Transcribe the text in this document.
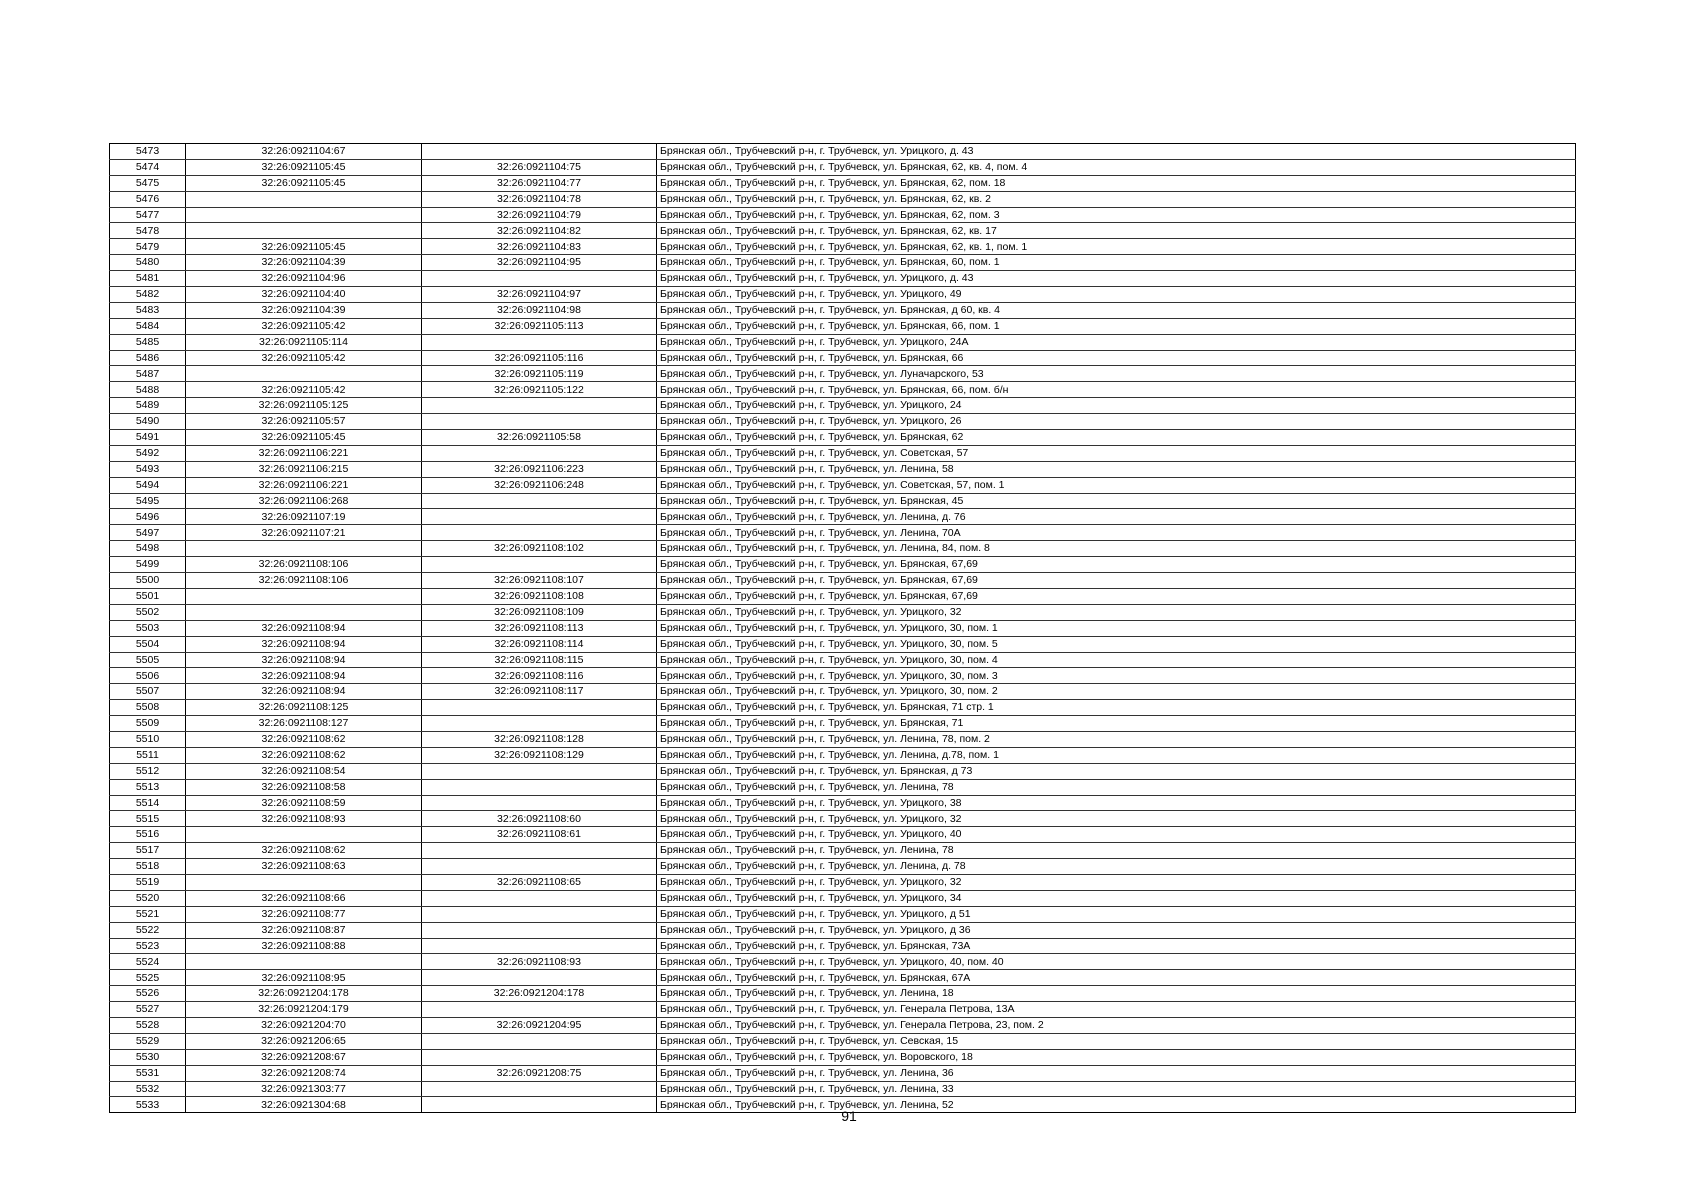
5473	32:26:0921104:67		Брянская обл., Трубчевский р-н, г. Трубчевск, ул. Урицкого, д. 43
5474	32:26:0921105:45	32:26:0921104:75	Брянская обл., Трубчевский р-н, г. Трубчевск, ул. Брянская, 62, кв. 4, пом. 4
5475	32:26:0921105:45	32:26:0921104:77	Брянская обл., Трубчевский р-н, г. Трубчевск, ул. Брянская, 62, пом. 18
5476		32:26:0921104:78	Брянская обл., Трубчевский р-н, г. Трубчевск, ул. Брянская, 62, кв. 2
5477		32:26:0921104:79	Брянская обл., Трубчевский р-н, г. Трубчевск, ул. Брянская, 62, пом. 3
5478		32:26:0921104:82	Брянская обл., Трубчевский р-н, г. Трубчевск, ул. Брянская, 62, кв. 17
5479	32:26:0921105:45	32:26:0921104:83	Брянская обл., Трубчевский р-н, г. Трубчевск, ул. Брянская, 62, кв. 1, пом. 1
5480	32:26:0921104:39	32:26:0921104:95	Брянская обл., Трубчевский р-н, г. Трубчевск, ул. Брянская, 60, пом. 1
5481	32:26:0921104:96		Брянская обл., Трубчевский р-н, г. Трубчевск, ул. Урицкого, д. 43
5482	32:26:0921104:40	32:26:0921104:97	Брянская обл., Трубчевский р-н, г. Трубчевск, ул. Урицкого, 49
5483	32:26:0921104:39	32:26:0921104:98	Брянская обл., Трубчевский р-н, г. Трубчевск, ул. Брянская, д 60, кв. 4
5484	32:26:0921105:42	32:26:0921105:113	Брянская обл., Трубчевский р-н, г. Трубчевск, ул. Брянская, 66, пом. 1
5485	32:26:0921105:114		Брянская обл., Трубчевский р-н, г. Трубчевск, ул. Урицкого, 24А
5486	32:26:0921105:42	32:26:0921105:116	Брянская обл., Трубчевский р-н, г. Трубчевск, ул. Брянская, 66
5487		32:26:0921105:119	Брянская обл., Трубчевский р-н, г. Трубчевск, ул. Луначарского, 53
5488	32:26:0921105:42	32:26:0921105:122	Брянская обл., Трубчевский р-н, г. Трубчевск, ул. Брянская, 66, пом. б/н
5489	32:26:0921105:125		Брянская обл., Трубчевский р-н, г. Трубчевск, ул. Урицкого, 24
5490	32:26:0921105:57		Брянская обл., Трубчевский р-н, г. Трубчевск, ул. Урицкого, 26
5491	32:26:0921105:45	32:26:0921105:58	Брянская обл., Трубчевский р-н, г. Трубчевск, ул. Брянская, 62
5492	32:26:0921106:221		Брянская обл., Трубчевский р-н, г. Трубчевск, ул. Советская, 57
5493	32:26:0921106:215	32:26:0921106:223	Брянская обл., Трубчевский р-н, г. Трубчевск, ул. Ленина, 58
5494	32:26:0921106:221	32:26:0921106:248	Брянская обл., Трубчевский р-н, г. Трубчевск, ул. Советская, 57, пом. 1
5495	32:26:0921106:268		Брянская обл., Трубчевский р-н, г. Трубчевск, ул. Брянская, 45
5496	32:26:0921107:19		Брянская обл., Трубчевский р-н, г. Трубчевск, ул. Ленина, д. 76
5497	32:26:0921107:21		Брянская обл., Трубчевский р-н, г. Трубчевск, ул. Ленина, 70А
5498		32:26:0921108:102	Брянская обл., Трубчевский р-н, г. Трубчевск, ул. Ленина, 84, пом. 8
5499	32:26:0921108:106		Брянская обл., Трубчевский р-н, г. Трубчевск, ул. Брянская, 67,69
5500	32:26:0921108:106	32:26:0921108:107	Брянская обл., Трубчевский р-н, г. Трубчевск, ул. Брянская, 67,69
5501		32:26:0921108:108	Брянская обл., Трубчевский р-н, г. Трубчевск, ул. Брянская, 67,69
5502		32:26:0921108:109	Брянская обл., Трубчевский р-н, г. Трубчевск, ул. Урицкого, 32
5503	32:26:0921108:94	32:26:0921108:113	Брянская обл., Трубчевский р-н, г. Трубчевск, ул. Урицкого, 30, пом. 1
5504	32:26:0921108:94	32:26:0921108:114	Брянская обл., Трубчевский р-н, г. Трубчевск, ул. Урицкого, 30, пом. 5
5505	32:26:0921108:94	32:26:0921108:115	Брянская обл., Трубчевский р-н, г. Трубчевск, ул. Урицкого, 30, пом. 4
5506	32:26:0921108:94	32:26:0921108:116	Брянская обл., Трубчевский р-н, г. Трубчевск, ул. Урицкого, 30, пом. 3
5507	32:26:0921108:94	32:26:0921108:117	Брянская обл., Трубчевский р-н, г. Трубчевск, ул. Урицкого, 30, пом. 2
5508	32:26:0921108:125		Брянская обл., Трубчевский р-н, г. Трубчевск, ул. Брянская, 71 стр. 1
5509	32:26:0921108:127		Брянская обл., Трубчевский р-н, г. Трубчевск, ул. Брянская, 71
5510	32:26:0921108:62	32:26:0921108:128	Брянская обл., Трубчевский р-н, г. Трубчевск, ул. Ленина, 78, пом. 2
5511	32:26:0921108:62	32:26:0921108:129	Брянская обл., Трубчевский р-н, г. Трубчевск, ул. Ленина, д.78, пом. 1
5512	32:26:0921108:54		Брянская обл., Трубчевский р-н, г. Трубчевск, ул. Брянская, д 73
5513	32:26:0921108:58		Брянская обл., Трубчевский р-н, г. Трубчевск, ул. Ленина, 78
5514	32:26:0921108:59		Брянская обл., Трубчевский р-н, г. Трубчевск, ул. Урицкого, 38
5515	32:26:0921108:93	32:26:0921108:60	Брянская обл., Трубчевский р-н, г. Трубчевск, ул. Урицкого, 32
5516		32:26:0921108:61	Брянская обл., Трубчевский р-н, г. Трубчевск, ул. Урицкого, 40
5517	32:26:0921108:62		Брянская обл., Трубчевский р-н, г. Трубчевск, ул. Ленина, 78
5518	32:26:0921108:63		Брянская обл., Трубчевский р-н, г. Трубчевск, ул. Ленина, д. 78
5519		32:26:0921108:65	Брянская обл., Трубчевский р-н, г. Трубчевск, ул. Урицкого, 32
5520	32:26:0921108:66		Брянская обл., Трубчевский р-н, г. Трубчевск, ул. Урицкого, 34
5521	32:26:0921108:77		Брянская обл., Трубчевский р-н, г. Трубчевск, ул. Урицкого, д 51
5522	32:26:0921108:87		Брянская обл., Трубчевский р-н, г. Трубчевск, ул. Урицкого, д 36
5523	32:26:0921108:88		Брянская обл., Трубчевский р-н, г. Трубчевск, ул. Брянская, 73А
5524		32:26:0921108:93	Брянская обл., Трубчевский р-н, г. Трубчевск, ул. Урицкого, 40, пом. 40
5525	32:26:0921108:95		Брянская обл., Трубчевский р-н, г. Трубчевск, ул. Брянская, 67А
5526	32:26:0921204:178	32:26:0921204:178	Брянская обл., Трубчевский р-н, г. Трубчевск, ул. Ленина, 18
5527	32:26:0921204:179		Брянская обл., Трубчевский р-н, г. Трубчевск, ул. Генерала Петрова, 13А
5528	32:26:0921204:70	32:26:0921204:95	Брянская обл., Трубчевский р-н, г. Трубчевск, ул. Генерала Петрова, 23, пом. 2
5529	32:26:0921206:65		Брянская обл., Трубчевский р-н, г. Трубчевск, ул. Севская, 15
5530	32:26:0921208:67		Брянская обл., Трубчевский р-н, г. Трубчевск, ул. Воровского, 18
5531	32:26:0921208:74	32:26:0921208:75	Брянская обл., Трубчевский р-н, г. Трубчевск, ул. Ленина, 36
5532	32:26:0921303:77		Брянская обл., Трубчевский р-н, г. Трубчевск, ул. Ленина, 33
5533	32:26:0921304:68		Брянская обл., Трубчевский р-н, г. Трубчевск, ул. Ленина, 52
91
